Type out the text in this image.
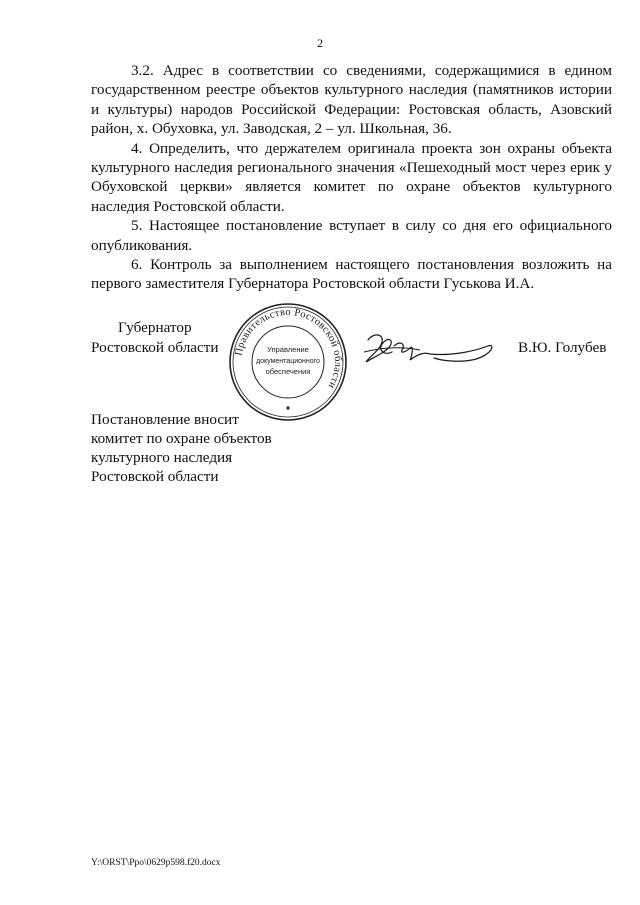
2

3.2. Адрес в соответствии со сведениями, содержащимися в едином государственном реестре объектов культурного наследия (памятников истории и культуры) народов Российской Федерации: Ростовская область, Азовский район, х. Обуховка, ул. Заводская, 2 – ул. Школьная, 36.

4. Определить, что держателем оригинала проекта зон охраны объекта культурного наследия регионального значения «Пешеходный мост через ерик у Обуховской церкви» является комитет по охране объектов культурного наследия Ростовской области.

5. Настоящее постановление вступает в силу со дня его официального опубликования.

6. Контроль за выполнением настоящего постановления возложить на первого заместителя Губернатора Ростовской области Гуськова И.А.

Губернатор
Ростовской области Правительство Ростовской области
Управление
документационного
обеспечения
В.Ю. Голубев
Постановление вносит
комитет по охране объектов
культурного наследия
Ростовской области
Y:\ORST\Ppo\0629p598.f20.docx
